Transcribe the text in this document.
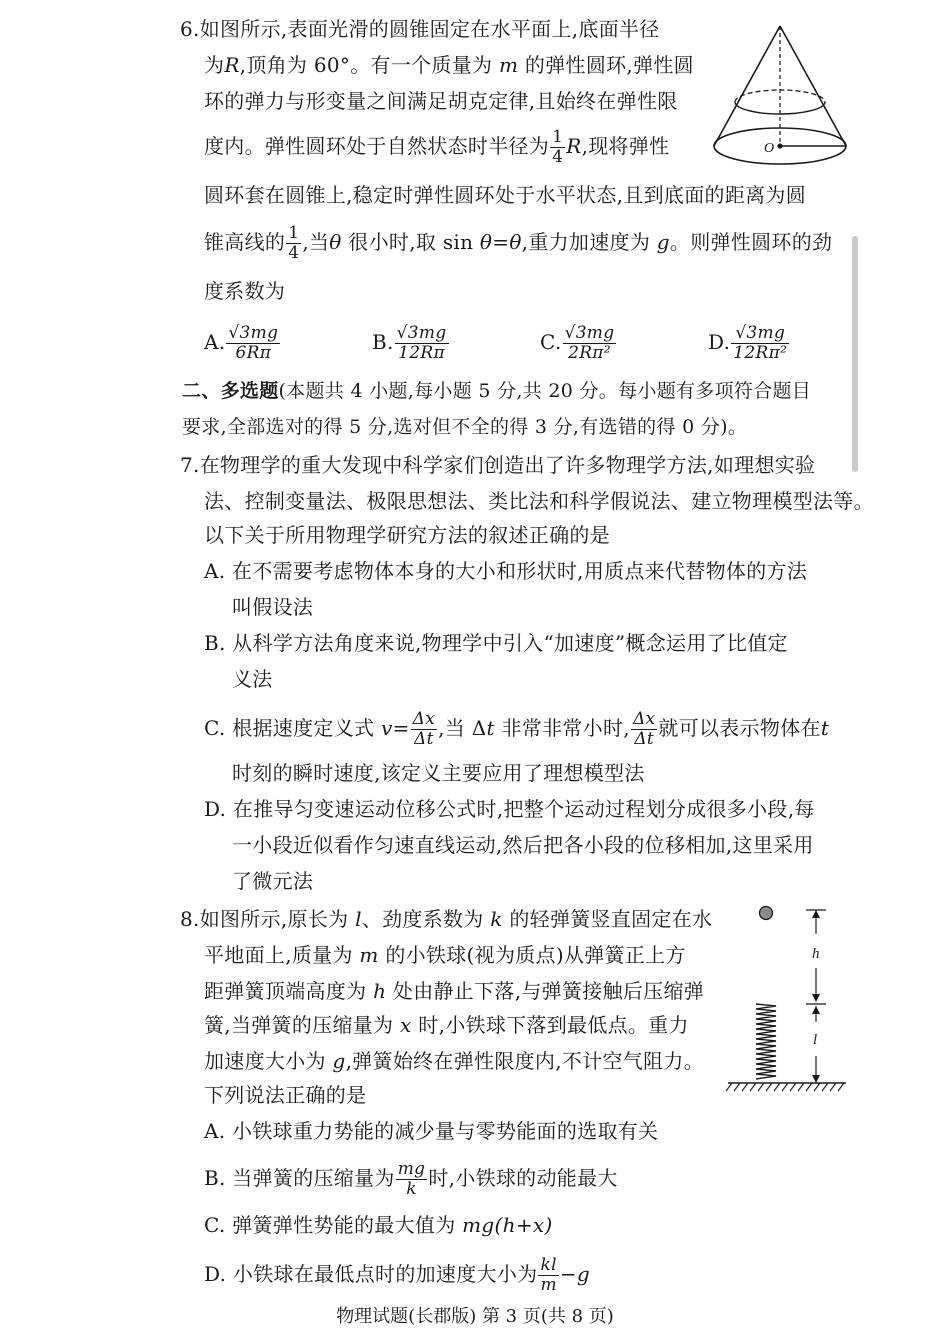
6.如图所示,表面光滑的圆锥固定在水平面上,底面半径
为R,顶角为 60°。有一个质量为 m 的弹性圆环,弹性圆
环的弹力与形变量之间满足胡克定律,且始终在弹性限
度内。弹性圆环处于自然状态时半径为 $\frac{1}{4} R$,现将弹性
圆环套在圆锥上,稳定时弹性圆环处于水平状态,且到底面的距离为圆
锥高线的 $\frac{1}{4}$ ,当θ 很小时,取 sin θ=θ,重力加速度为 g。则弹性圆环的劲
度系数为
A. $\frac{√3mg}{6R\pi}$	B. $\frac{√3mg}{12R\pi}$	C. $\frac{√3mg}{\text{2Rπ²}}$	D. $\frac{√3mg}{\text{12Rπ²}}$
O
二、多选题(本题共 4 小题,每小题 5 分,共 20 分。每小题有多项符合题目
要求,全部选对的得 5 分,选对但不全的得 3 分,有选错的得 0 分)。
7.在物理学的重大发现中科学家们创造出了许多物理学方法,如理想实验
法、控制变量法、极限思想法、类比法和科学假说法、建立物理模型法等。
以下关于所用物理学研究方法的叙述正确的是
A. 在不需要考虑物体本身的大小和形状时,用质点来代替物体的方法
叫假设法
B. 从科学方法角度来说,物理学中引入“加速度”概念运用了比值定
义法
C. 根据速度定义式 $v= \frac{\Delta x}{\Delta t}$ ,当 Δt 非常非常小时, $\frac{\Delta x}{\Delta t}$ 就可以表示物体在t
时刻的瞬时速度,该定义主要应用了理想模型法
D. 在推导匀变速运动位移公式时,把整个运动过程划分成很多小段,每
一小段近似看作匀速直线运动,然后把各小段的位移相加,这里采用
了微元法
8.如图所示,原长为 l、劲度系数为 k 的轻弹簧竖直固定在水
平地面上,质量为 m 的小铁球(视为质点)从弹簧正上方
距弹簧顶端高度为 h 处由静止下落,与弹簧接触后压缩弹
簧,当弹簧的压缩量为 x 时,小铁球下落到最低点。重力
加速度大小为 g,弹簧始终在弹性限度内,不计空气阻力。
下列说法正确的是
A. 小铁球重力势能的减少量与零势能面的选取有关
B. 当弹簧的压缩量为 $\frac{mg}{k}$ 时,小铁球的动能最大
C. 弹簧弹性势能的最大值为 mg(h+x)
D. 小铁球在最低点时的加速度大小为 $\frac{kl}{m} -g$
h
l
物理试题(长郡版) 第 3 页(共 8 页)
